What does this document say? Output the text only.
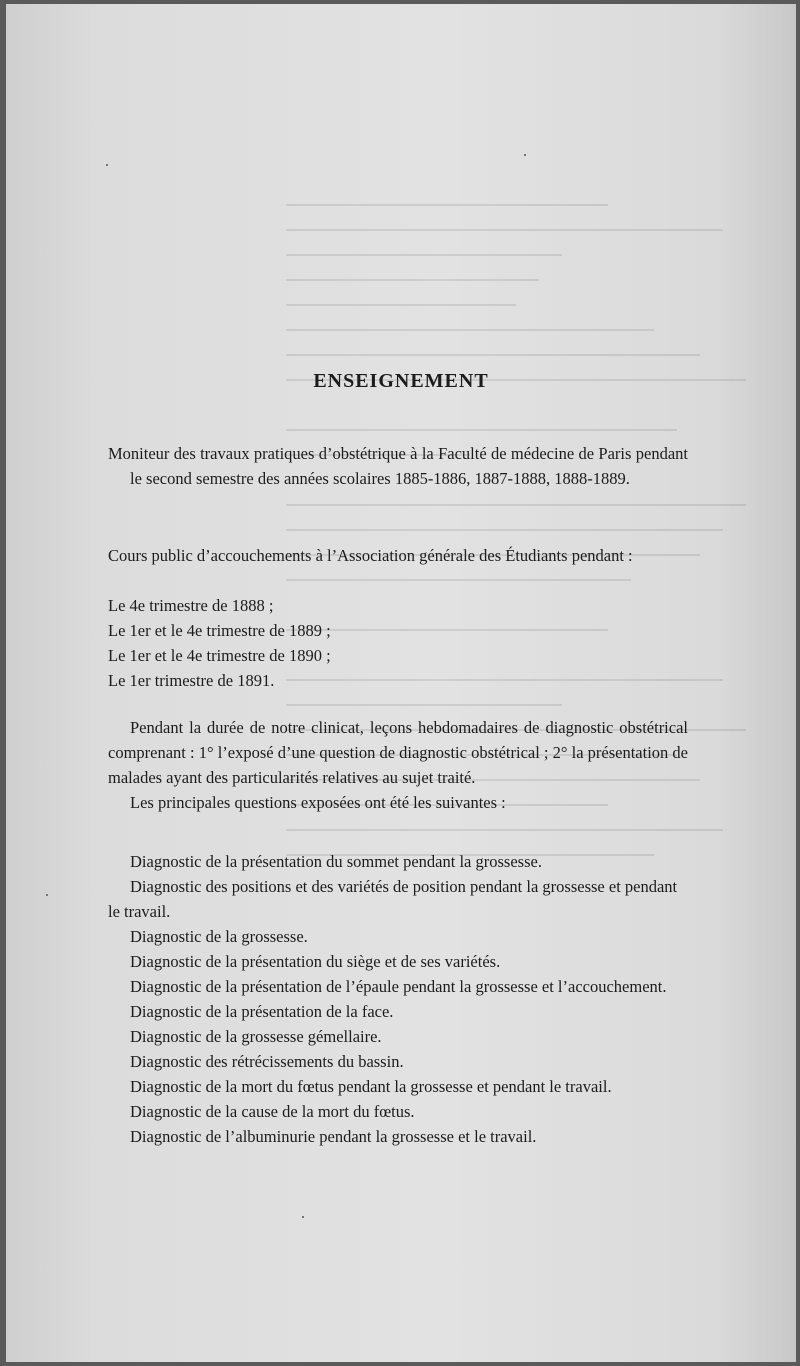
ENSEIGNEMENT

Moniteur des travaux pratiques d’obstétrique à la Faculté de médecine de Paris pendant le second semestre des années scolaires 1885-1886, 1887-1888, 1888-1889.

Cours public d’accouchements à l’Association générale des Étudiants pendant :

Le 4e trimestre de 1888 ;
Le 1er et le 4e trimestre de 1889 ;
Le 1er et le 4e trimestre de 1890 ;
Le 1er trimestre de 1891.

Pendant la durée de notre clinicat, leçons hebdomadaires de diagnostic obstétrical comprenant : 1° l’exposé d’une question de diagnostic obstétrical ; 2° la présentation de malades ayant des particularités relatives au sujet traité.

Les principales questions exposées ont été les suivantes :

Diagnostic de la présentation du sommet pendant la grossesse.

Diagnostic des positions et des variétés de position pendant la grossesse et pendant le travail.

Diagnostic de la grossesse.

Diagnostic de la présentation du siège et de ses variétés.

Diagnostic de la présentation de l’épaule pendant la grossesse et l’accouchement.

Diagnostic de la présentation de la face.

Diagnostic de la grossesse gémellaire.

Diagnostic des rétrécissements du bassin.

Diagnostic de la mort du fœtus pendant la grossesse et pendant le travail.

Diagnostic de la cause de la mort du fœtus.

Diagnostic de l’albuminurie pendant la grossesse et le travail.
